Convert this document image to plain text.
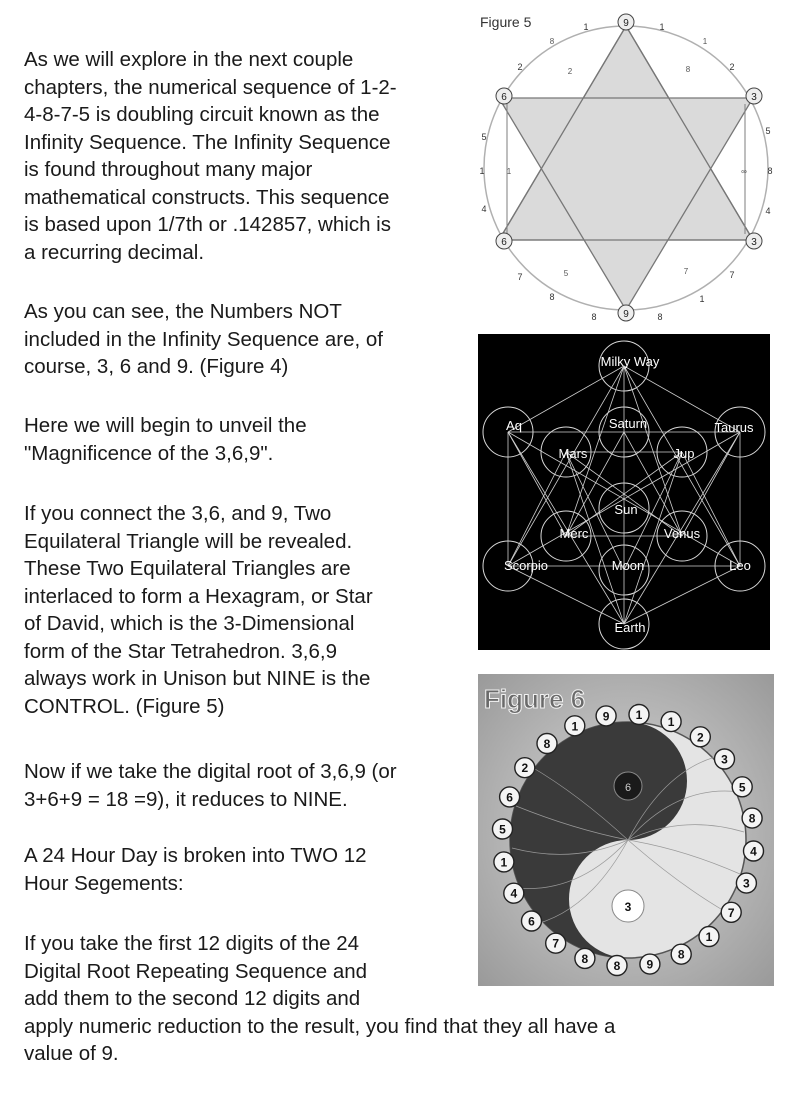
As we will explore in the next couple
chapters, the numerical sequence of 1-2-
4-8-7-5 is doubling circuit known as the
Infinity Sequence. The Infinity Sequence
is found throughout many major
mathematical constructs. This sequence
is based upon 1/7th or .142857, which is
a recurring decimal.
As you can see, the Numbers NOT
included in the Infinity Sequence are, of
course, 3, 6 and 9. (Figure 4)
Here we will begin to unveil the
"Magnificence of the 3,6,9".
If you connect the 3,6, and 9, Two
Equilateral Triangle will be revealed.
These Two Equilateral Triangles are
interlaced to form a Hexagram, or Star
of David, which is the 3-Dimensional
form of the Star Tetrahedron. 3,6,9
always work in Unison but NINE is the
CONTROL. (Figure 5)
Now if we take the digital root of 3,6,9 (or
3+6+9 = 18 =9), it reduces to NINE.
A 24 Hour Day is broken into TWO 12
Hour Segements:
If you take the first 12 digits of the 24
Digital Root Repeating Sequence and
add them to the second 12 digits and
apply numeric reduction to the result, you find that they all have a
value of 9.
Figure 5	9
3
3
9
6
6
1	1
2	2
5
5
1	8
4	4
7	7
8	1
8	8
8
2
1
8
7
5
1	∞
Milky Way
Saturn
Aq	Taurus
Mars	Jup
Sun
Merc	Venus
Scorpio	Moon	Leo
Earth
Figure 6
6
3
9 1
1
2
3
5
8
4
3
7
1
8
9
8
8
7
6
4
1
5
6
2
8
1
